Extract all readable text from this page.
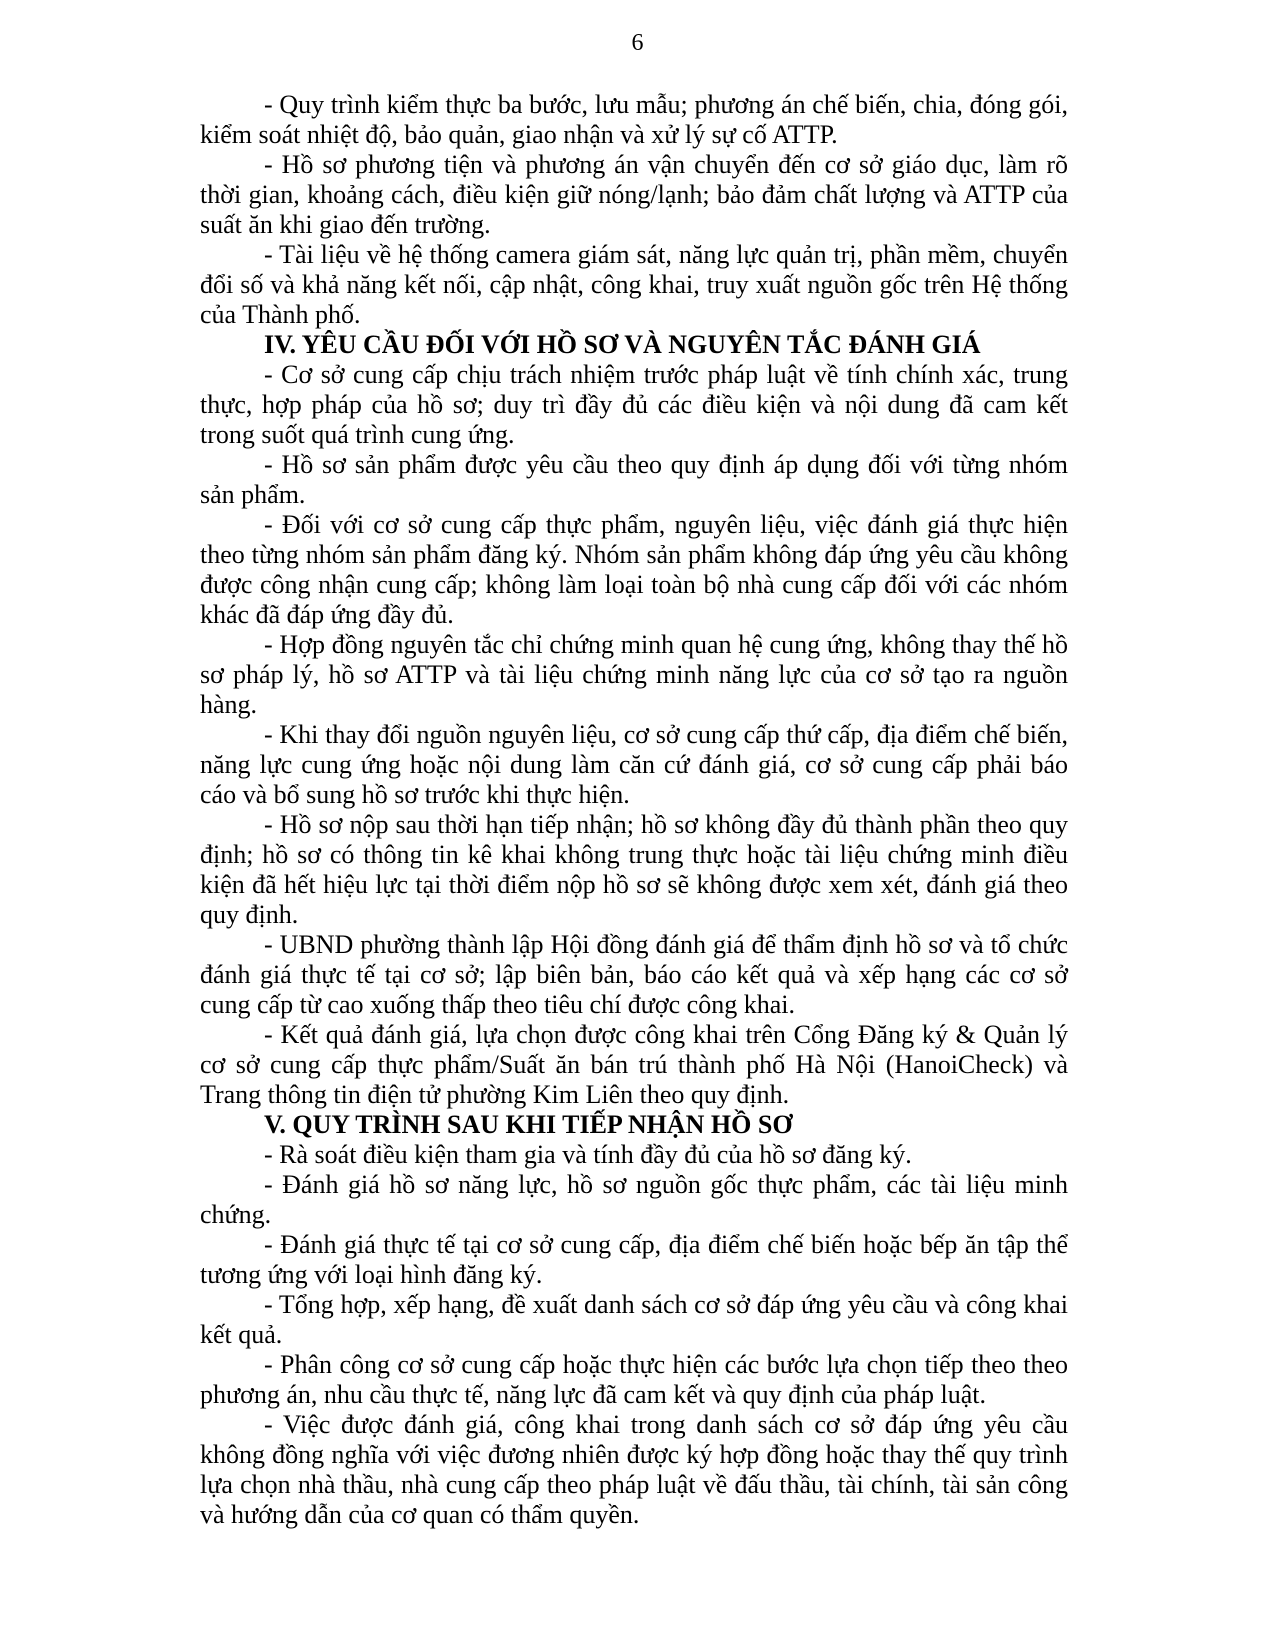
6

- Quy trình kiểm thực ba bước, lưu mẫu; phương án chế biến, chia, đóng gói, kiểm soát nhiệt độ, bảo quản, giao nhận và xử lý sự cố ATTP.

- Hồ sơ phương tiện và phương án vận chuyển đến cơ sở giáo dục, làm rõ thời gian, khoảng cách, điều kiện giữ nóng/lạnh; bảo đảm chất lượng và ATTP của suất ăn khi giao đến trường.

- Tài liệu về hệ thống camera giám sát, năng lực quản trị, phần mềm, chuyển đổi số và khả năng kết nối, cập nhật, công khai, truy xuất nguồn gốc trên Hệ thống của Thành phố.

IV. YÊU CẦU ĐỐI VỚI HỒ SƠ VÀ NGUYÊN TẮC ĐÁNH GIÁ

- Cơ sở cung cấp chịu trách nhiệm trước pháp luật về tính chính xác, trung thực, hợp pháp của hồ sơ; duy trì đầy đủ các điều kiện và nội dung đã cam kết trong suốt quá trình cung ứng.

- Hồ sơ sản phẩm được yêu cầu theo quy định áp dụng đối với từng nhóm sản phẩm.

- Đối với cơ sở cung cấp thực phẩm, nguyên liệu, việc đánh giá thực hiện theo từng nhóm sản phẩm đăng ký. Nhóm sản phẩm không đáp ứng yêu cầu không được công nhận cung cấp; không làm loại toàn bộ nhà cung cấp đối với các nhóm khác đã đáp ứng đầy đủ.

- Hợp đồng nguyên tắc chỉ chứng minh quan hệ cung ứng, không thay thế hồ sơ pháp lý, hồ sơ ATTP và tài liệu chứng minh năng lực của cơ sở tạo ra nguồn hàng.

- Khi thay đổi nguồn nguyên liệu, cơ sở cung cấp thứ cấp, địa điểm chế biến, năng lực cung ứng hoặc nội dung làm căn cứ đánh giá, cơ sở cung cấp phải báo cáo và bổ sung hồ sơ trước khi thực hiện.

- Hồ sơ nộp sau thời hạn tiếp nhận; hồ sơ không đầy đủ thành phần theo quy định; hồ sơ có thông tin kê khai không trung thực hoặc tài liệu chứng minh điều kiện đã hết hiệu lực tại thời điểm nộp hồ sơ sẽ không được xem xét, đánh giá theo quy định.

- UBND phường thành lập Hội đồng đánh giá để thẩm định hồ sơ và tổ chức đánh giá thực tế tại cơ sở; lập biên bản, báo cáo kết quả và xếp hạng các cơ sở cung cấp từ cao xuống thấp theo tiêu chí được công khai.

- Kết quả đánh giá, lựa chọn được công khai trên Cổng Đăng ký & Quản lý cơ sở cung cấp thực phẩm/Suất ăn bán trú thành phố Hà Nội (HanoiCheck) và Trang thông tin điện tử phường Kim Liên theo quy định.

V. QUY TRÌNH SAU KHI TIẾP NHẬN HỒ SƠ

- Rà soát điều kiện tham gia và tính đầy đủ của hồ sơ đăng ký.

- Đánh giá hồ sơ năng lực, hồ sơ nguồn gốc thực phẩm, các tài liệu minh chứng.

- Đánh giá thực tế tại cơ sở cung cấp, địa điểm chế biến hoặc bếp ăn tập thể tương ứng với loại hình đăng ký.

- Tổng hợp, xếp hạng, đề xuất danh sách cơ sở đáp ứng yêu cầu và công khai kết quả.

- Phân công cơ sở cung cấp hoặc thực hiện các bước lựa chọn tiếp theo theo phương án, nhu cầu thực tế, năng lực đã cam kết và quy định của pháp luật.

- Việc được đánh giá, công khai trong danh sách cơ sở đáp ứng yêu cầu không đồng nghĩa với việc đương nhiên được ký hợp đồng hoặc thay thế quy trình lựa chọn nhà thầu, nhà cung cấp theo pháp luật về đấu thầu, tài chính, tài sản công và hướng dẫn của cơ quan có thẩm quyền.
